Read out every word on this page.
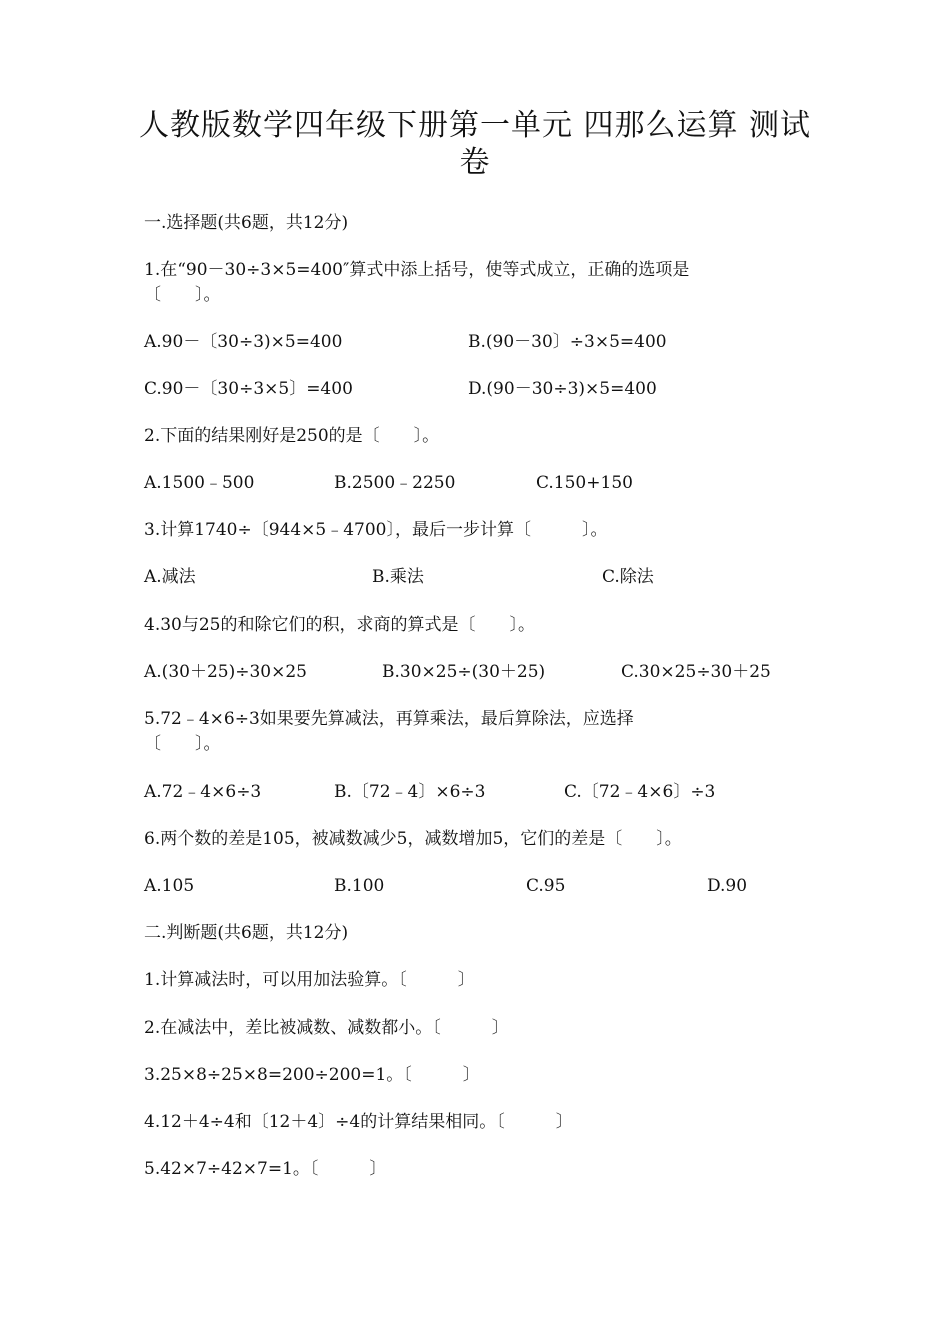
人教版数学四年级下册第一单元 四那么运算 测试
卷
一.选择题(共6题，共12分)
1.在“90－30÷3×5=400″算式中添上括号，使等式成立，正确的选项是
〔　　〕。
A.90－〔30÷3)×5=400	B.(90－30〕÷3×5=400
C.90－〔30÷3×5〕=400	D.(90－30÷3)×5=400
2.下面的结果刚好是250的是〔　　〕。
A.1500﹣500	B.2500﹣2250	C.150+150
3.计算1740÷〔944×5﹣4700〕，最后一步计算〔　　　〕。
A.减法	B.乘法	C.除法
4.30与25的和除它们的积，求商的算式是〔　　〕。
A.(30＋25)÷30×25	B.30×25÷(30＋25)	C.30×25÷30＋25
5.72﹣4×6÷3如果要先算减法，再算乘法，最后算除法，应选择
〔　　〕。
A.72﹣4×6÷3	B.〔72﹣4〕×6÷3	C.〔72﹣4×6〕÷3
6.两个数的差是105，被减数减少5，减数增加5，它们的差是〔　　〕。
A.105	B.100	C.95	D.90
二.判断题(共6题，共12分)
1.计算减法时，可以用加法验算。〔　　　〕
2.在减法中，差比被减数、减数都小。〔　　　〕
3.25×8÷25×8=200÷200=1。〔　　　〕
4.12＋4÷4和〔12＋4〕÷4的计算结果相同。〔　　　〕
5.42×7÷42×7=1。〔　　　〕
